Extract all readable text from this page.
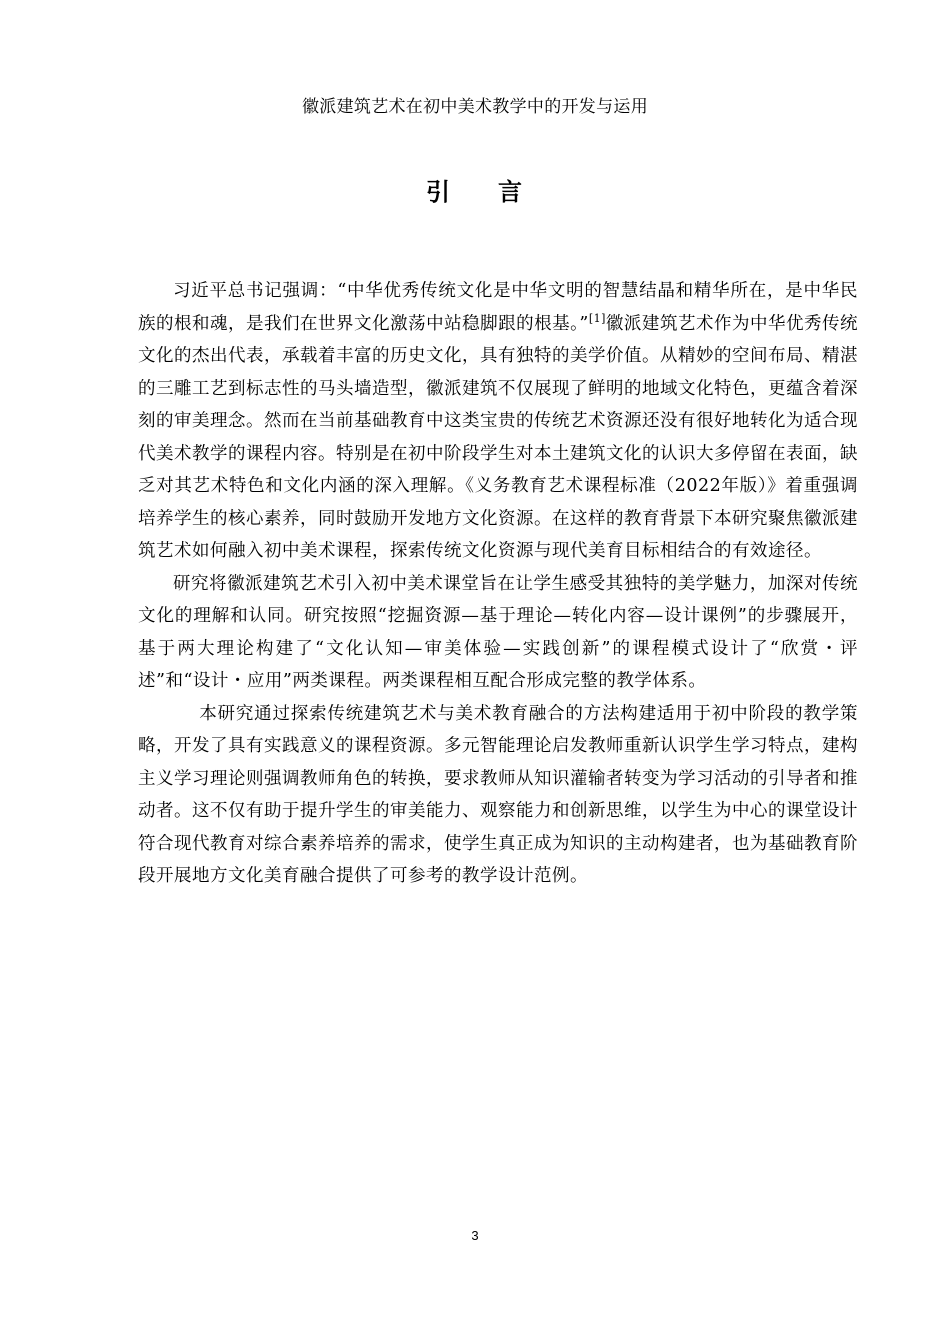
徽派建筑艺术在初中美术教学中的开发与运用
引 言

习近平总书记强调：“中华优秀传统文化是中华文明的智慧结晶和精华所在，是中华民族的根和魂，是我们在世界文化激荡中站稳脚跟的根基。”[1]徽派建筑艺术作为中华优秀传统文化的杰出代表，承载着丰富的历史文化，具有独特的美学价值。从精妙的空间布局、精湛的三雕工艺到标志性的马头墙造型，徽派建筑不仅展现了鲜明的地域文化特色，更蕴含着深刻的审美理念。然而在当前基础教育中这类宝贵的传统艺术资源还没有很好地转化为适合现代美术教学的课程内容。特别是在初中阶段学生对本土建筑文化的认识大多停留在表面，缺乏对其艺术特色和文化内涵的深入理解。《义务教育艺术课程标准（2022年版）》着重强调培养学生的核心素养，同时鼓励开发地方文化资源。在这样的教育背景下本研究聚焦徽派建筑艺术如何融入初中美术课程，探索传统文化资源与现代美育目标相结合的有效途径。

研究将徽派建筑艺术引入初中美术课堂旨在让学生感受其独特的美学魅力，加深对传统文化的理解和认同。研究按照“挖掘资源—基于理论—转化内容—设计课例”的步骤展开，基于两大理论构建了“文化认知—审美体验—实践创新”的课程模式设计了“欣赏・评述”和“设计・应用”两类课程。两类课程相互配合形成完整的教学体系。

本研究通过探索传统建筑艺术与美术教育融合的方法构建适用于初中阶段的教学策略，开发了具有实践意义的课程资源。多元智能理论启发教师重新认识学生学习特点，建构主义学习理论则强调教师角色的转换，要求教师从知识灌输者转变为学习活动的引导者和推动者。这不仅有助于提升学生的审美能力、观察能力和创新思维，以学生为中心的课堂设计符合现代教育对综合素养培养的需求，使学生真正成为知识的主动构建者，也为基础教育阶段开展地方文化美育融合提供了可参考的教学设计范例。

3
